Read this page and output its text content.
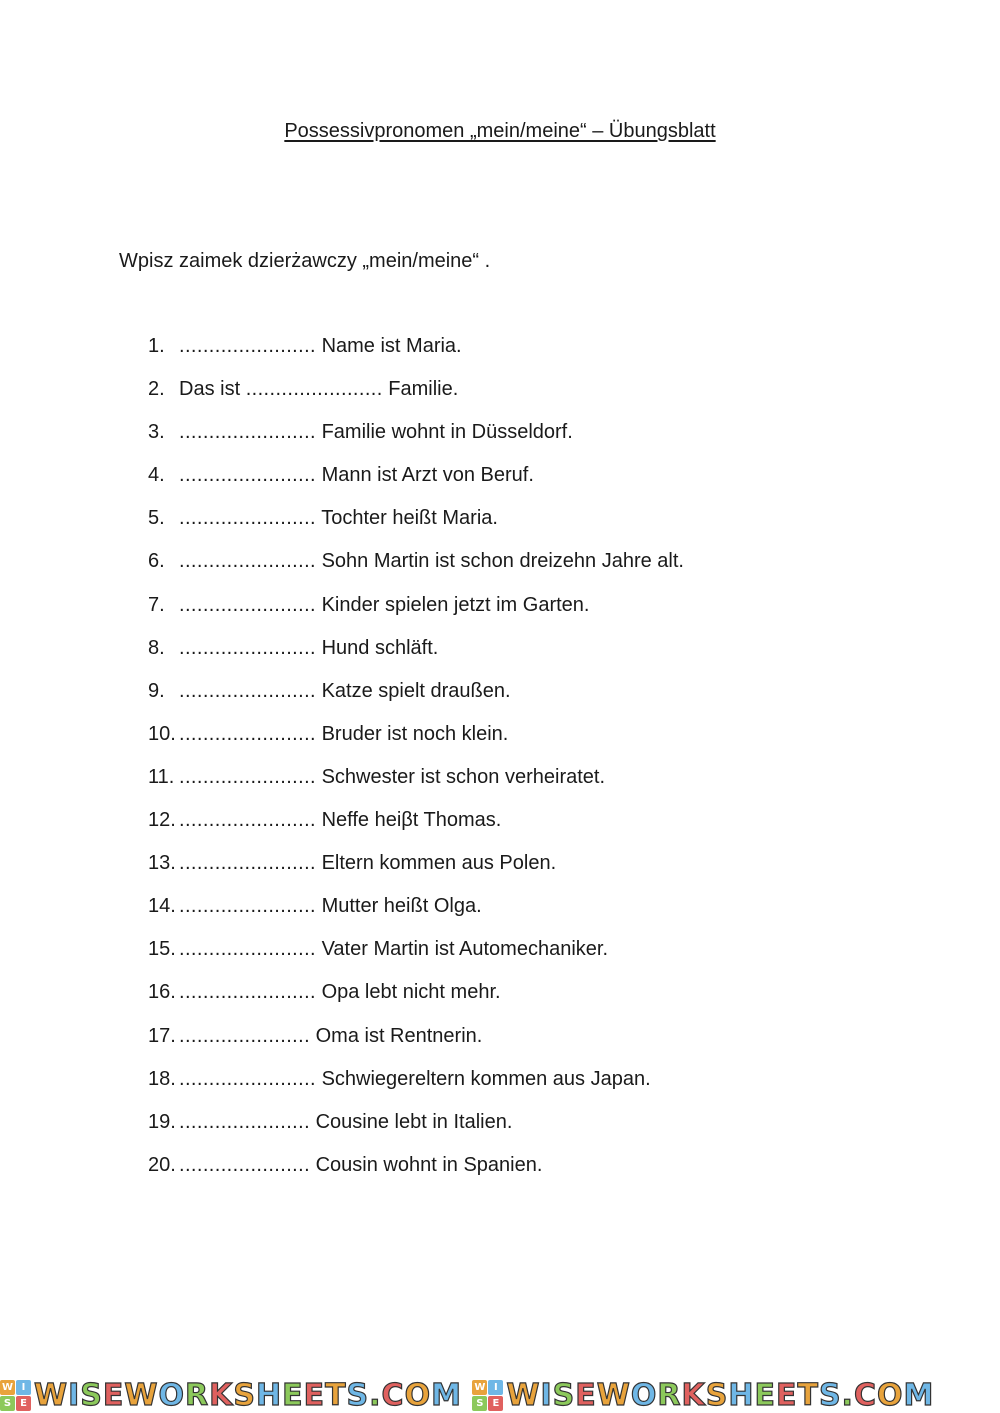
Possessivpronomen „mein/meine“ – Übungsblatt
Wpisz zaimek dzierżawczy „mein/meine“ .
1. ....................... Name ist Maria.
2. Das ist ....................... Familie.
3. ....................... Familie wohnt in Düsseldorf.
4. ....................... Mann ist Arzt von Beruf.
5. ....................... Tochter heißt Maria.
6. ....................... Sohn Martin ist schon dreizehn Jahre alt.
7. ....................... Kinder spielen jetzt im Garten.
8. ....................... Hund schläft.
9. ....................... Katze spielt draußen.
10. ....................... Bruder ist noch klein.
11. ....................... Schwester ist schon verheiratet.
12. ....................... Neffe heiβt Thomas.
13. ....................... Eltern kommen aus Polen.
14. ....................... Mutter heißt Olga.
15. ....................... Vater Martin ist Automechaniker.
16. ....................... Opa lebt nicht mehr.
17. ...................... Oma ist Rentnerin.
18. ....................... Schwiegereltern kommen aus Japan.
19. ...................... Cousine lebt in Italien.
20. ...................... Cousin wohnt in Spanien.
W I
S E WISEWORKSHEETS.COM
W I
S E WISEWORKSHEETS.COM
